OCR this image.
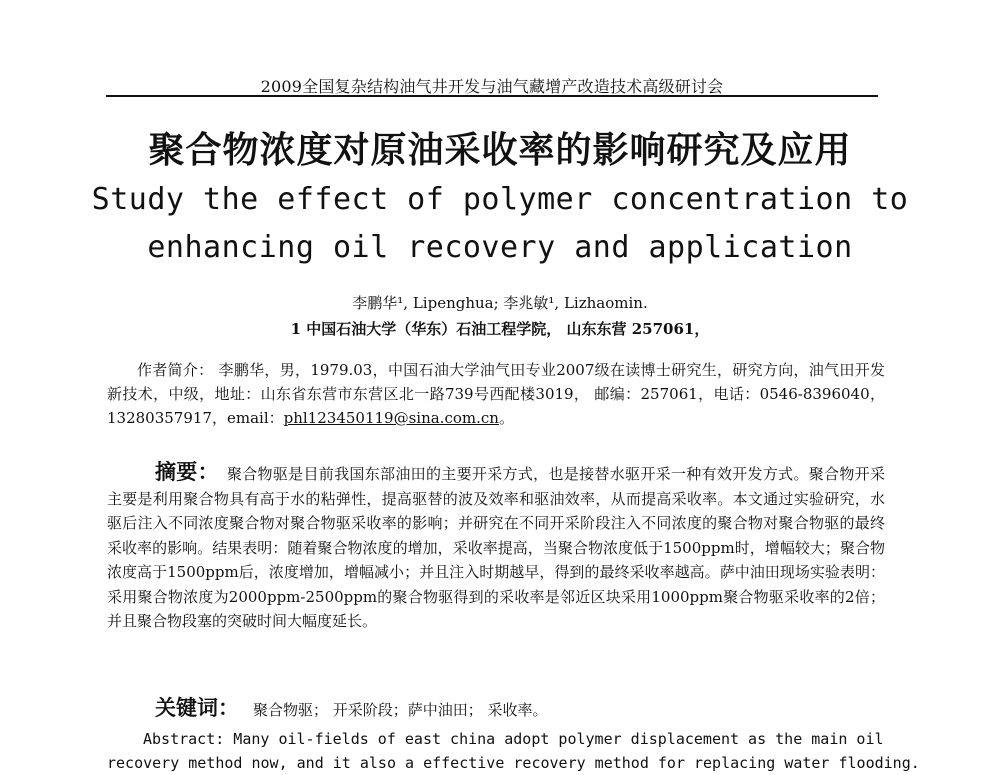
2009全国复杂结构油气井开发与油气藏增产改造技术高级研讨会
聚合物浓度对原油采收率的影响研究及应用
Study the effect of polymer concentration to
enhancing oil recovery and application
李鹏华¹, Lipenghua; 李兆敏¹, Lizhaomin.
1 中国石油大学（华东）石油工程学院， 山东东营 257061，
作者简介： 李鹏华，男，1979.03，中国石油大学油气田专业2007级在读博士研究生，研究方向，油气田开发新技术，中级，地址：山东省东营市东营区北一路739号西配楼3019， 邮编：257061，电话：0546-8396040，13280357917，email：phl123450119@sina.com.cn。
摘要： 聚合物驱是目前我国东部油田的主要开采方式，也是接替水驱开采一种有效开发方式。聚合物开采主要是利用聚合物具有高于水的粘弹性，提高驱替的波及效率和驱油效率，从而提高采收率。本文通过实验研究，水驱后注入不同浓度聚合物对聚合物驱采收率的影响；并研究在不同开采阶段注入不同浓度的聚合物对聚合物驱的最终采收率的影响。结果表明：随着聚合物浓度的增加，采收率提高，当聚合物浓度低于1500ppm时，增幅较大；聚合物浓度高于1500ppm后，浓度增加，增幅减小；并且注入时期越早，得到的最终采收率越高。萨中油田现场实验表明：采用聚合物浓度为2000ppm-2500ppm的聚合物驱得到的采收率是邻近区块采用1000ppm聚合物驱采收率的2倍；并且聚合物段塞的突破时间大幅度延长。
关键词： 聚合物驱； 开采阶段；萨中油田； 采收率。
Abstract: Many oil-fields of east china adopt polymer displacement as the main oil
recovery method now, and it also a effective recovery method for replacing water flooding.
